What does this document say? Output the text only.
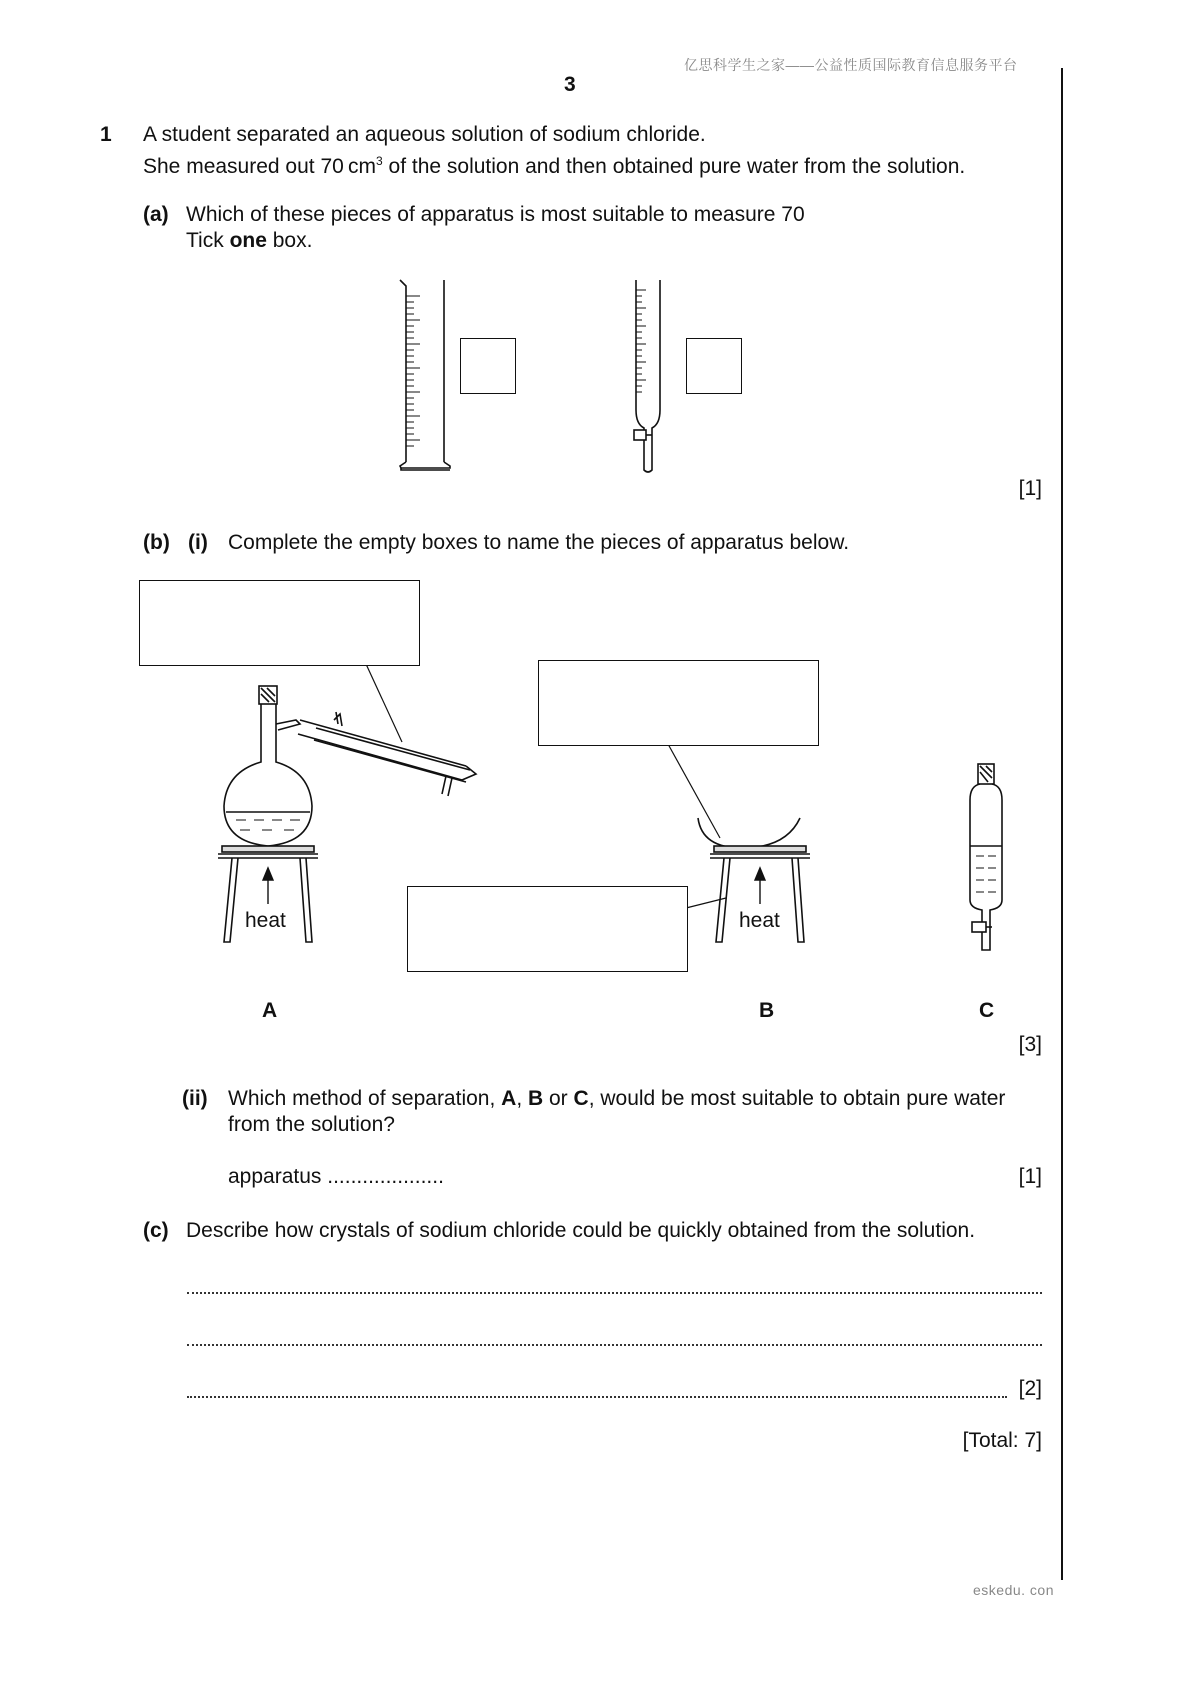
亿思科学生之家——公益性质国际教育信息服务平台
3
1 A student separated an aqueous solution of sodium chloride.
She measured out 70 $cm^3$ of the solution and then obtained pure water from the solution.
(a) Which of these pieces of apparatus is most suitable to measure 70
Tick one box.
[1]
(b) (i) Complete the empty boxes to name the pieces of apparatus below.
heat	heat
A	B	C
[3]
(ii) Which method of separation, A, B or C, would be most suitable to obtain pure water
from the solution?
apparatus ....................	[1]
(c) Describe how crystals of sodium chloride could be quickly obtained from the solution.
[2]
[Total: 7]
eskedu. con
